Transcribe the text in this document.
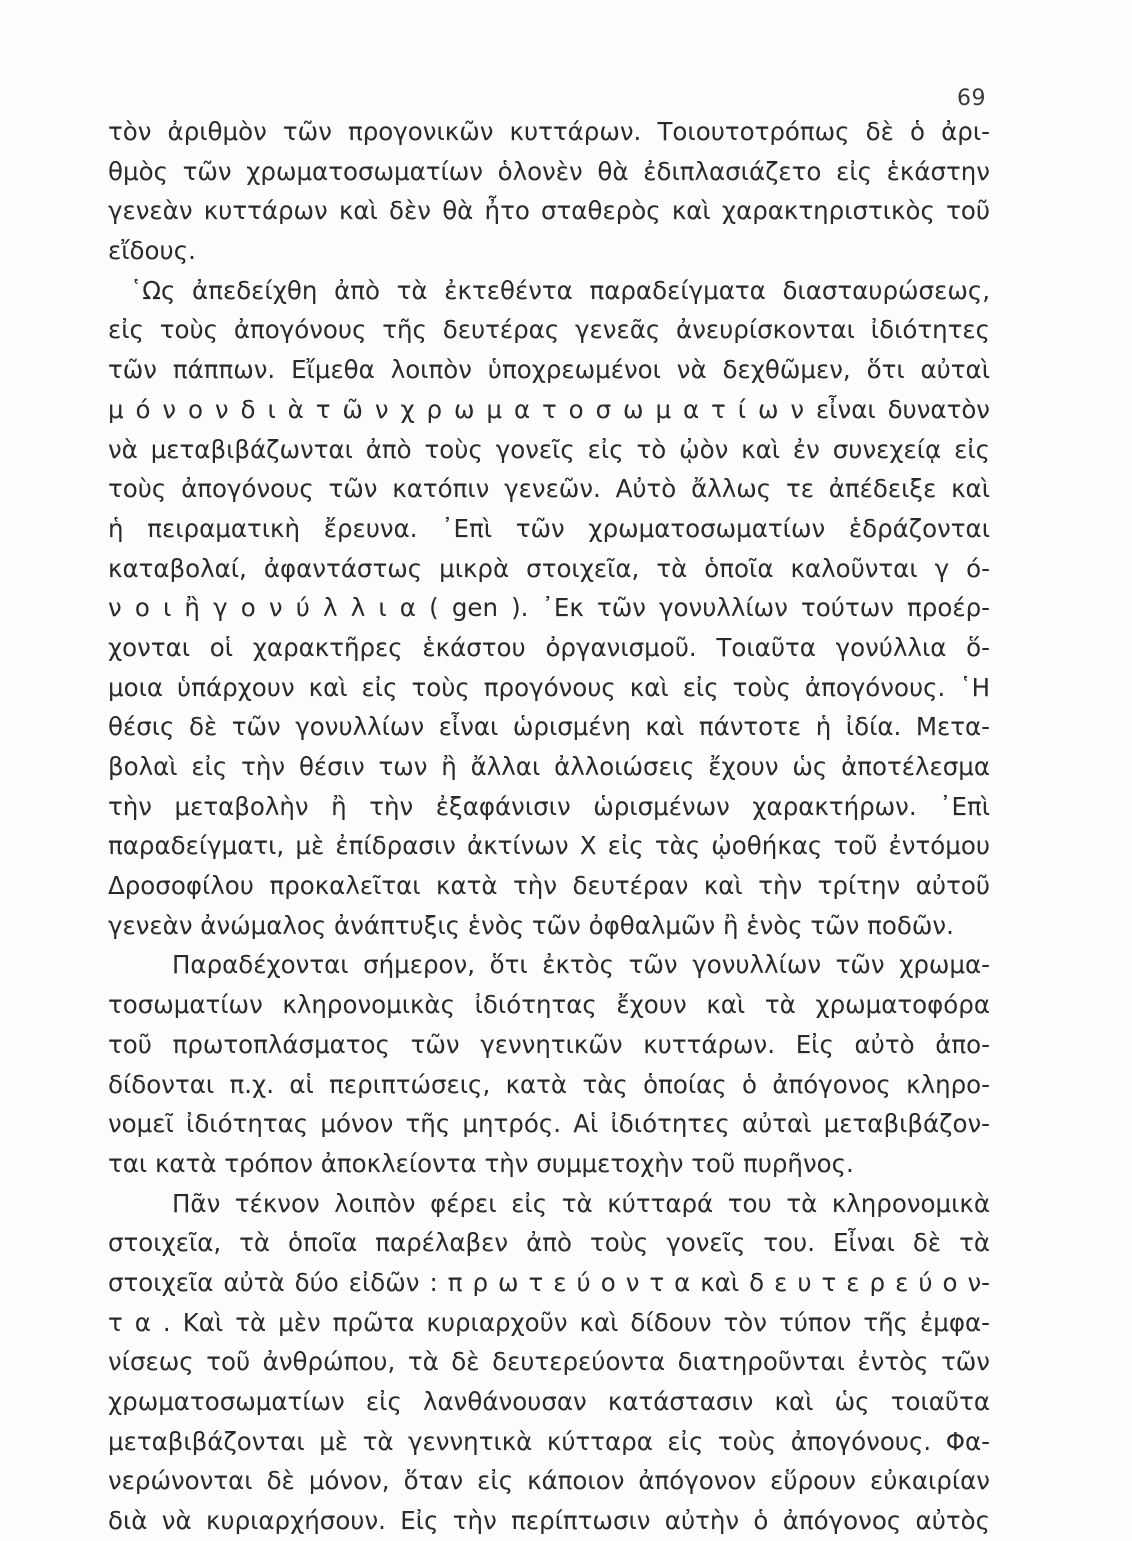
69
τὸν ἀριθμὸν τῶν προγονικῶν κυττάρων. Τοιουτοτρόπως δὲ ὁ ἀρι-
θμὸς τῶν χρωματοσωματίων ὁλονὲν θὰ ἐδιπλασιάζετο εἰς ἑκάστην
γενεὰν κυττάρων καὶ δὲν θὰ ἦτο σταθερὸς καὶ χαρακτηριστικὸς τοῦ
εἴδους.
῾Ως ἀπεδείχθη ἀπὸ τὰ ἐκτεθέντα παραδείγματα διασταυρώσεως,
εἰς τοὺς ἀπογόνους τῆς δευτέρας γενεᾶς ἀνευρίσκονται ἰδιότητες
τῶν πάππων. Εἴμεθα λοιπὸν ὑποχρεωμένοι νὰ δεχθῶμεν, ὅτι αὐταὶ
μ ό ν ο ν δ ι ὰ τ ῶ ν χ ρ ω μ α τ ο σ ω μ α τ ί ω ν εἶναι δυνατὸν
νὰ μεταβιβάζωνται ἀπὸ τοὺς γονεῖς εἰς τὸ ᾠὸν καὶ ἐν συνεχείᾳ εἰς
τοὺς ἀπογόνους τῶν κατόπιν γενεῶν. Αὐτὸ ἄλλως τε ἀπέδειξε καὶ
ἡ πειραματικὴ ἔρευνα. ᾿Επὶ τῶν χρωματοσωματίων ἑδράζονται
καταβολαί, ἀφαντάστως μικρὰ στοιχεῖα, τὰ ὁποῖα καλοῦνται γ ό-
ν ο ι ἢ γ ο ν ύ λ λ ι α ( gen ). ᾿Εκ τῶν γονυλλίων τούτων προέρ-
χονται οἱ χαρακτῆρες ἑκάστου ὀργανισμοῦ. Τοιαῦτα γονύλλια ὅ-
μοια ὑπάρχουν καὶ εἰς τοὺς προγόνους καὶ εἰς τοὺς ἀπογόνους. ῾Η
θέσις δὲ τῶν γονυλλίων εἶναι ὡρισμένη καὶ πάντοτε ἡ ἰδία. Μετα-
βολαὶ εἰς τὴν θέσιν των ἢ ἄλλαι ἀλλοιώσεις ἔχουν ὡς ἀποτέλεσμα
τὴν μεταβολὴν ἢ τὴν ἐξαφάνισιν ὡρισμένων χαρακτήρων. ᾿Επὶ
παραδείγματι, μὲ ἐπίδρασιν ἀκτίνων Χ εἰς τὰς ᾠοθήκας τοῦ ἐντόμου
Δροσοφίλου προκαλεῖται κατὰ τὴν δευτέραν καὶ τὴν τρίτην αὐτοῦ
γενεὰν ἀνώμαλος ἀνάπτυξις ἑνὸς τῶν ὀφθαλμῶν ἢ ἑνὸς τῶν ποδῶν.
Παραδέχονται σήμερον, ὅτι ἐκτὸς τῶν γονυλλίων τῶν χρωμα-
τοσωματίων κληρονομικὰς ἰδιότητας ἔχουν καὶ τὰ χρωματοφόρα
τοῦ πρωτοπλάσματος τῶν γεννητικῶν κυττάρων. Εἰς αὐτὸ ἀπο-
δίδονται π.χ. αἱ περιπτώσεις, κατὰ τὰς ὁποίας ὁ ἀπόγονος κληρο-
νομεῖ ἰδιότητας μόνον τῆς μητρός. Αἱ ἰδιότητες αὐταὶ μεταβιβάζον-
ται κατὰ τρόπον ἀποκλείοντα τὴν συμμετοχὴν τοῦ πυρῆνος.
Πᾶν τέκνον λοιπὸν φέρει εἰς τὰ κύτταρά του τὰ κληρονομικὰ
στοιχεῖα, τὰ ὁποῖα παρέλαβεν ἀπὸ τοὺς γονεῖς του. Εἶναι δὲ τὰ
στοιχεῖα αὐτὰ δύο εἰδῶν : π ρ ω τ ε ύ ο ν τ α καὶ δ ε υ τ ε ρ ε ύ ο ν-
τ α . Καὶ τὰ μὲν πρῶτα κυριαρχοῦν καὶ δίδουν τὸν τύπον τῆς ἐμφα-
νίσεως τοῦ ἀνθρώπου, τὰ δὲ δευτερεύοντα διατηροῦνται ἐντὸς τῶν
χρωματοσωματίων εἰς λανθάνουσαν κατάστασιν καὶ ὡς τοιαῦτα
μεταβιβάζονται μὲ τὰ γεννητικὰ κύτταρα εἰς τοὺς ἀπογόνους. Φα-
νερώνονται δὲ μόνον, ὅταν εἰς κάποιον ἀπόγονον εὕρουν εὐκαιρίαν
διὰ νὰ κυριαρχήσουν. Εἰς τὴν περίπτωσιν αὐτὴν ὁ ἀπόγονος αὐτὸς
